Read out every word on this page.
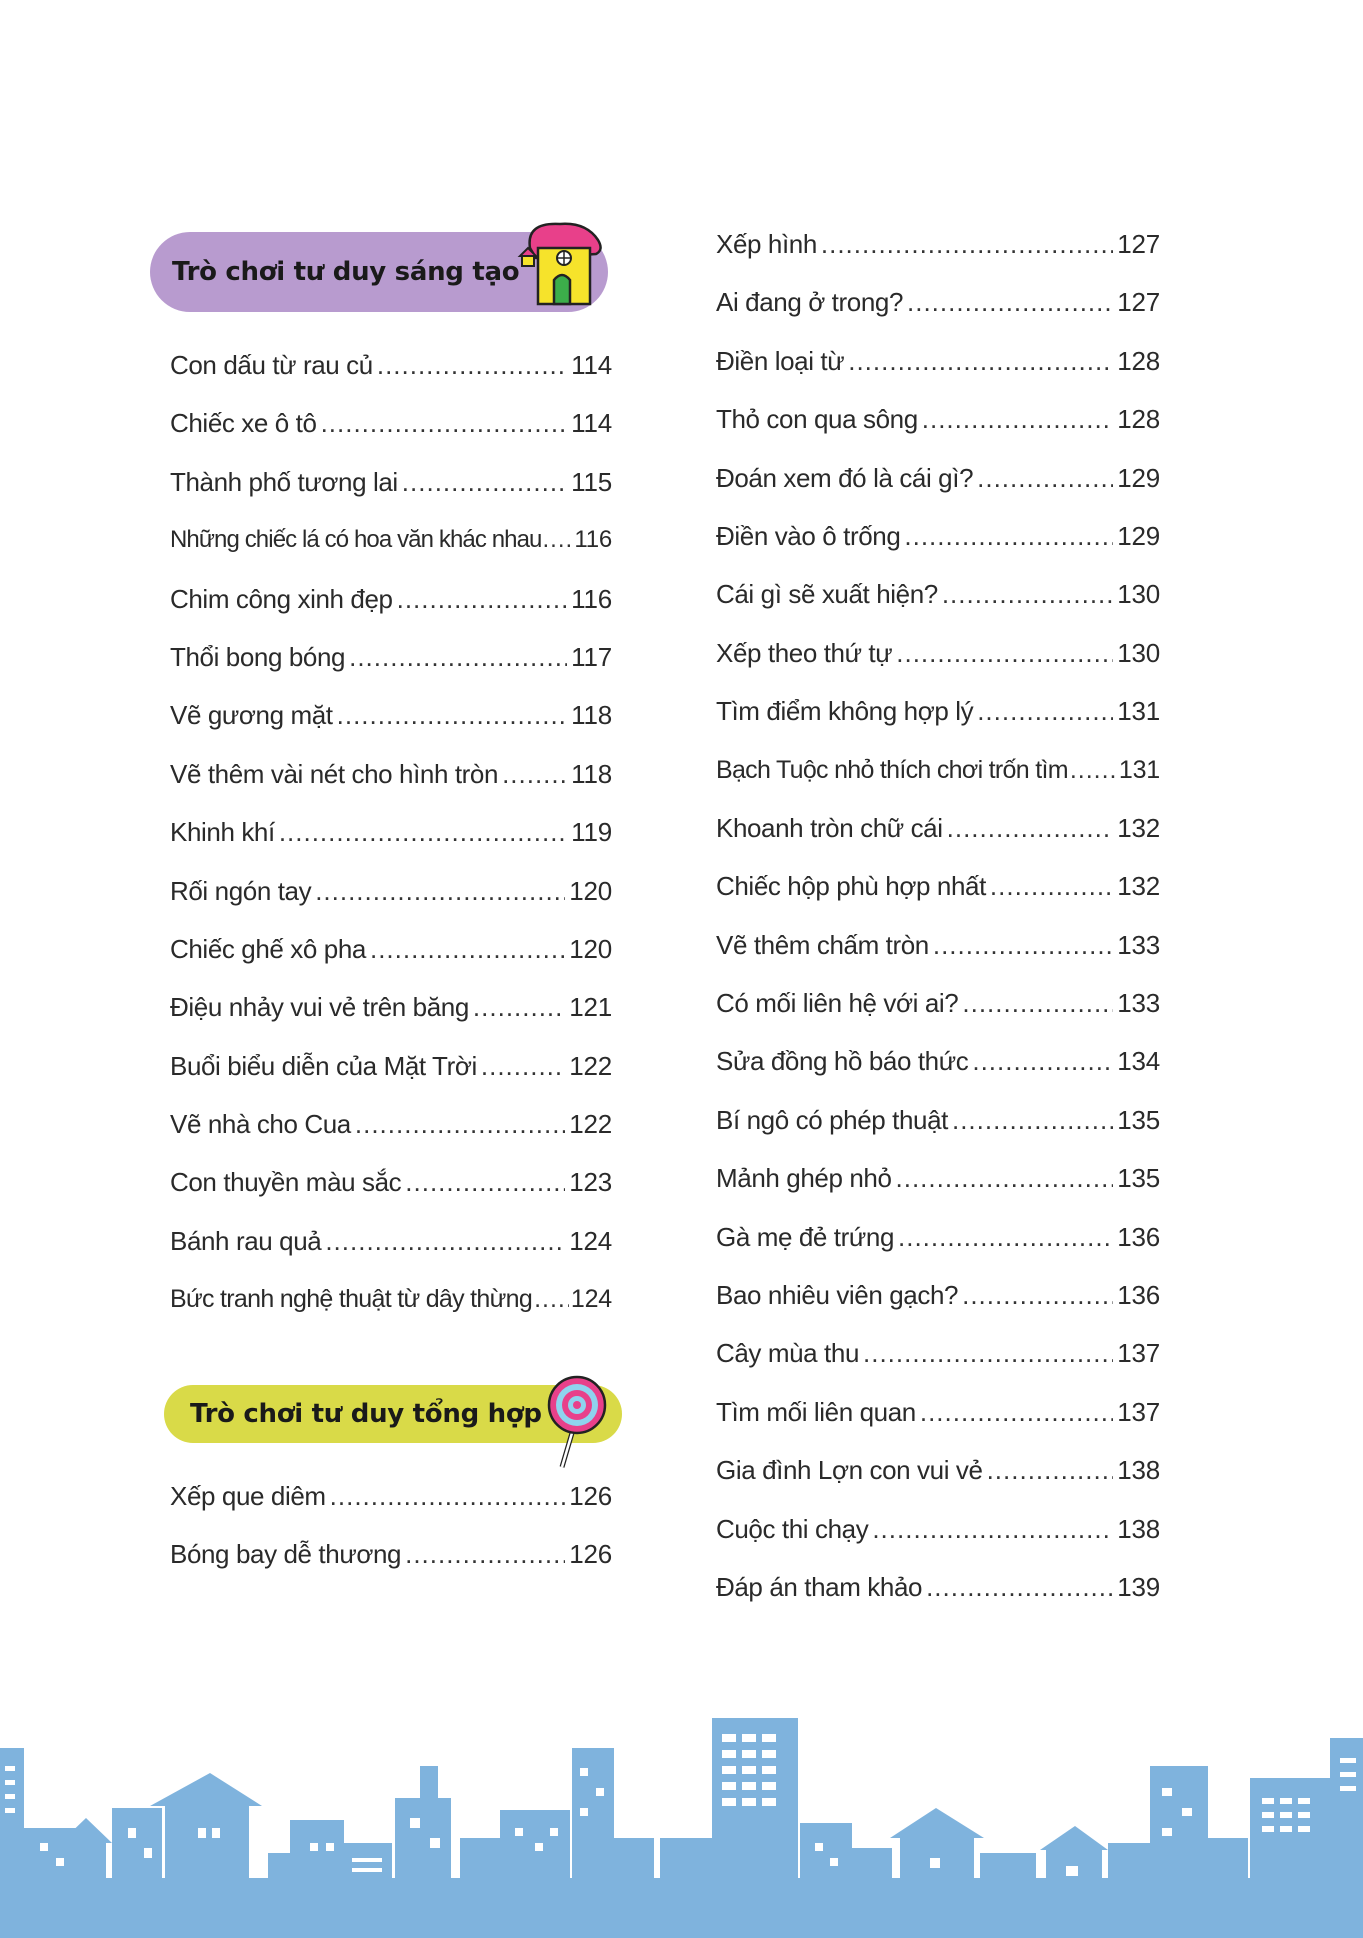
Trò chơi tư duy sáng tạo
Con dấu từ rau củ .....	114
Chiếc xe ô tô .....	114
Thành phố tương lai .....	115
Những chiếc lá có hoa văn khác nhau ..... 116
Chim công xinh đẹp .....	116
Thổi bong bóng .....	117
Vẽ gương mặt .....	118
Vẽ thêm vài nét cho hình tròn .....	118
Khinh khí .....	119
Rối ngón tay .....	120
Chiếc ghế xô pha .....	120
Điệu nhảy vui vẻ trên băng .....	121
Buổi biểu diễn của Mặt Trời .....	122
Vẽ nhà cho Cua .....	122
Con thuyền màu sắc .....	123
Bánh rau quả .....	124
Bức tranh nghệ thuật từ dây thừng ..... 124
Trò chơi tư duy tổng hợp
Xếp que diêm .....	126
Bóng bay dễ thương .....	126
Xếp hình .....	127
Ai đang ở trong? .....	127
Điền loại từ .....	128
Thỏ con qua sông .....	128
Đoán xem đó là cái gì? .....	129
Điền vào ô trống .....	129
Cái gì sẽ xuất hiện? .....	130
Xếp theo thứ tự .....	130
Tìm điểm không hợp lý .....	131
Bạch Tuộc nhỏ thích chơi trốn tìm ..... 131
Khoanh tròn chữ cái .....	132
Chiếc hộp phù hợp nhất .....	132
Vẽ thêm chấm tròn .....	133
Có mối liên hệ với ai? .....	133
Sửa đồng hồ báo thức .....	134
Bí ngô có phép thuật .....	135
Mảnh ghép nhỏ .....	135
Gà mẹ đẻ trứng .....	136
Bao nhiêu viên gạch? .....	136
Cây mùa thu .....	137
Tìm mối liên quan .....	137
Gia đình Lợn con vui vẻ .....	138
Cuộc thi chạy .....	138
Đáp án tham khảo .....	139
